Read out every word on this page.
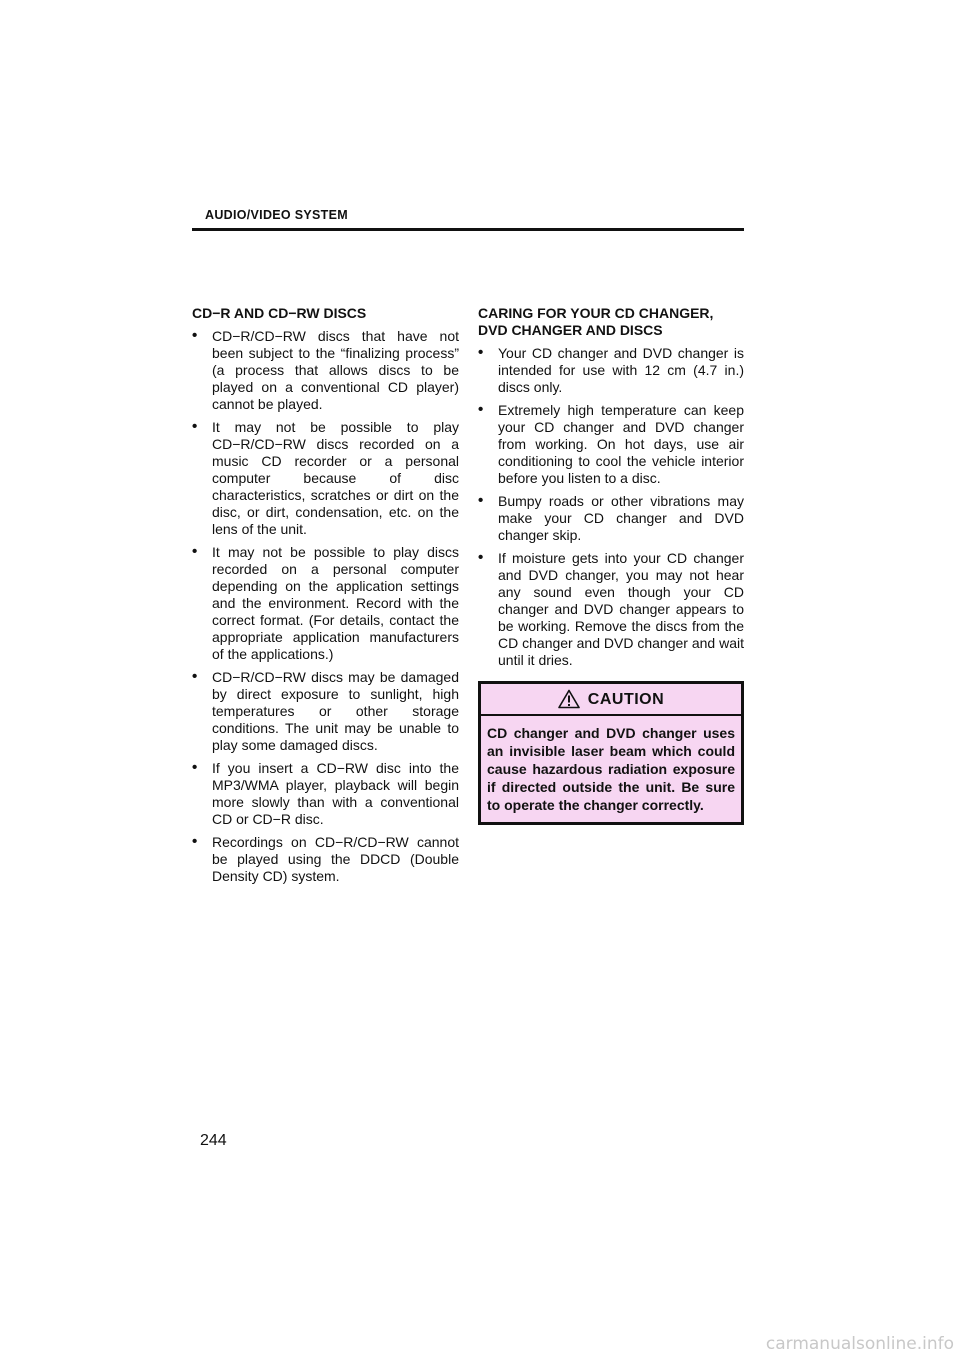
AUDIO/VIDEO SYSTEM
CD−R AND CD−RW DISCS
• CD−R/CD−RW discs that have not been subject to the “finalizing process” (a process that allows discs to be played on a conventional CD player) cannot be played.
• It may not be possible to play CD−R/CD−RW discs recorded on a music CD recorder or a personal computer because of disc characteristics, scratches or dirt on the disc, or dirt, condensation, etc. on the lens of the unit.
• It may not be possible to play discs recorded on a personal computer depending on the application settings and the environment. Record with the correct format. (For details, contact the appropriate application manufacturers of the applications.)
• CD−R/CD−RW discs may be damaged by direct exposure to sunlight, high temperatures or other storage conditions. The unit may be unable to play some damaged discs.
• If you insert a CD−RW disc into the MP3/WMA player, playback will begin more slowly than with a conventional CD or CD−R disc.
• Recordings on CD−R/CD−RW cannot be played using the DDCD (Double Density CD) system.
CARING FOR YOUR CD CHANGER,
DVD CHANGER AND DISCS
• Your CD changer and DVD changer is intended for use with 12 cm (4.7 in.) discs only.
• Extremely high temperature can keep your CD changer and DVD changer from working. On hot days, use air conditioning to cool the vehicle interior before you listen to a disc.
• Bumpy roads or other vibrations may make your CD changer and DVD changer skip.
• If moisture gets into your CD changer and DVD changer, you may not hear any sound even though your CD changer and DVD changer appears to be working. Remove the discs from the CD changer and DVD changer and wait until it dries.
CAUTION
CD changer and DVD changer uses an invisible laser beam which could cause hazardous radiation exposure if directed outside the unit. Be sure to operate the changer correctly.
244
carmanualsonline.info
